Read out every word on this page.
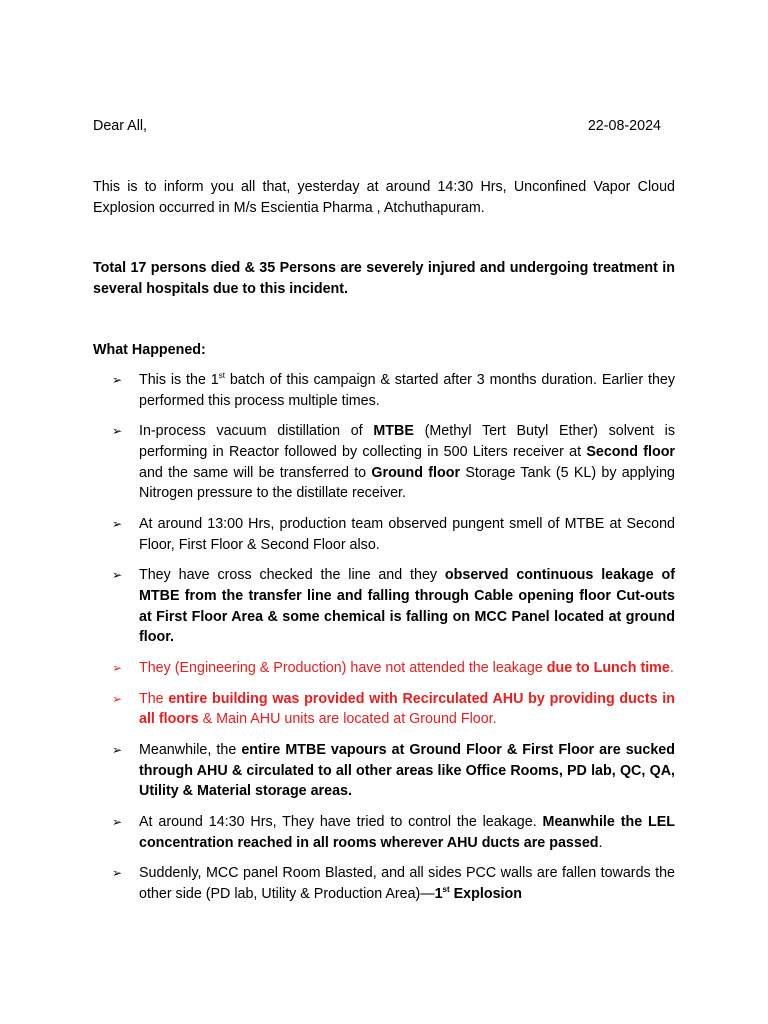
Dear All,	22-08-2024

This is to inform you all that, yesterday at around 14:30 Hrs, Unconfined Vapor Cloud Explosion occurred in M/s Escientia Pharma , Atchuthapuram.

Total 17 persons died & 35 Persons are severely injured and undergoing treatment in several hospitals due to this incident.

What Happened:

➢ This is the 1st batch of this campaign & started after 3 months duration. Earlier they performed this process multiple times.
➢ In-process vacuum distillation of MTBE (Methyl Tert Butyl Ether) solvent is performing in Reactor followed by collecting in 500 Liters receiver at Second floor and the same will be transferred to Ground floor Storage Tank (5 KL) by applying Nitrogen pressure to the distillate receiver.
➢ At around 13:00 Hrs, production team observed pungent smell of MTBE at Second Floor, First Floor & Second Floor also.
➢ They have cross checked the line and they observed continuous leakage of MTBE from the transfer line and falling through Cable opening floor Cut-outs at First Floor Area & some chemical is falling on MCC Panel located at ground floor.
➢ They (Engineering & Production) have not attended the leakage due to Lunch time.
➢ The entire building was provided with Recirculated AHU by providing ducts in all floors & Main AHU units are located at Ground Floor.
➢ Meanwhile, the entire MTBE vapours at Ground Floor & First Floor are sucked through AHU & circulated to all other areas like Office Rooms, PD lab, QC, QA, Utility & Material storage areas.
➢ At around 14:30 Hrs, They have tried to control the leakage. Meanwhile the LEL concentration reached in all rooms wherever AHU ducts are passed.
➢ Suddenly, MCC panel Room Blasted, and all sides PCC walls are fallen towards the other side (PD lab, Utility & Production Area)—1st Explosion
